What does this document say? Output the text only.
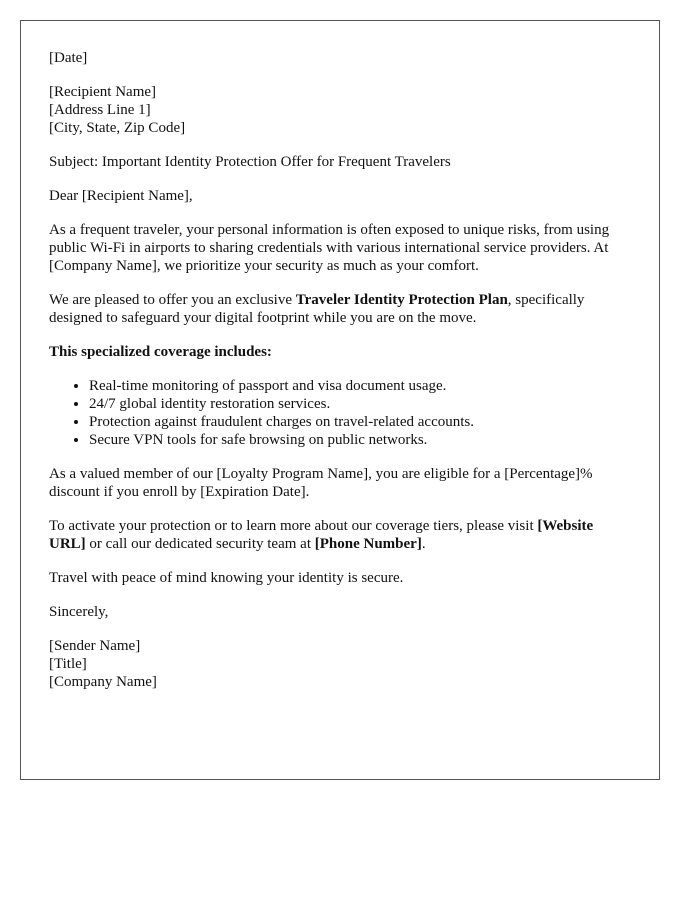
[Date]

[Recipient Name]

[Address Line 1]

[City, State, Zip Code]

Subject: Important Identity Protection Offer for Frequent Travelers

Dear [Recipient Name],

As a frequent traveler, your personal information is often exposed to unique risks, from using public Wi-Fi in airports to sharing credentials with various international service providers. At [Company Name], we prioritize your security as much as your comfort.

We are pleased to offer you an exclusive Traveler Identity Protection Plan, specifically designed to safeguard your digital footprint while you are on the move.

This specialized coverage includes:

• Real-time monitoring of passport and visa document usage.
• 24/7 global identity restoration services.
• Protection against fraudulent charges on travel-related accounts.
• Secure VPN tools for safe browsing on public networks.

As a valued member of our [Loyalty Program Name], you are eligible for a [Percentage]% discount if you enroll by [Expiration Date].

To activate your protection or to learn more about our coverage tiers, please visit [Website URL] or call our dedicated security team at [Phone Number].

Travel with peace of mind knowing your identity is secure.

Sincerely,

[Sender Name]

[Title]

[Company Name]
